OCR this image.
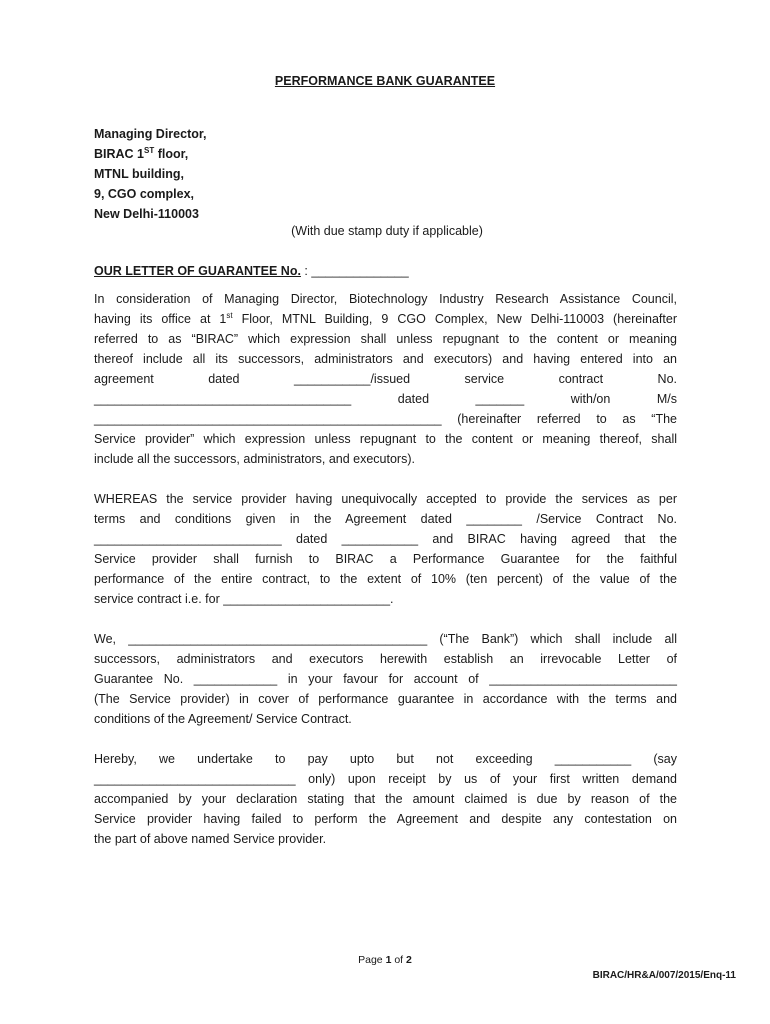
PERFORMANCE BANK GUARANTEE
Managing Director,
BIRAC 1ST floor,
MTNL building,
9, CGO complex,
New Delhi-110003
(With due stamp duty if applicable)
OUR LETTER OF GUARANTEE No. : ______________
In consideration of Managing Director, Biotechnology Industry Research Assistance Council,
having its office at 1st Floor, MTNL Building, 9 CGO Complex, New Delhi-110003 (hereinafter
referred to as “BIRAC” which expression shall unless repugnant to the content or meaning
thereof include all its successors, administrators and executors) and having entered into an
agreement dated ___________/issued service contract No.
_____________________________________ dated _______ with/on M/s
__________________________________________________ (hereinafter referred to as “The
Service provider” which expression unless repugnant to the content or meaning thereof, shall
include all the successors, administrators, and executors).
WHEREAS the service provider having unequivocally accepted to provide the services as per
terms and conditions given in the Agreement dated ________ /Service Contract No.
___________________________ dated ___________ and BIRAC having agreed that the
Service provider shall furnish to BIRAC a Performance Guarantee for the faithful
performance of the entire contract, to the extent of 10% (ten percent) of the value of the
service contract i.e. for ________________________.
We, ___________________________________________ (“The Bank”) which shall include all
successors, administrators and executors herewith establish an irrevocable Letter of
Guarantee No. ____________ in your favour for account of ___________________________
(The Service provider) in cover of performance guarantee in accordance with the terms and
conditions of the Agreement/ Service Contract.
Hereby, we undertake to pay upto but not exceeding ___________ (say
_____________________________ only) upon receipt by us of your first written demand
accompanied by your declaration stating that the amount claimed is due by reason of the
Service provider having failed to perform the Agreement and despite any contestation on
the part of above named Service provider.
Page 1 of 2
BIRAC/HR&A/007/2015/Enq-11
